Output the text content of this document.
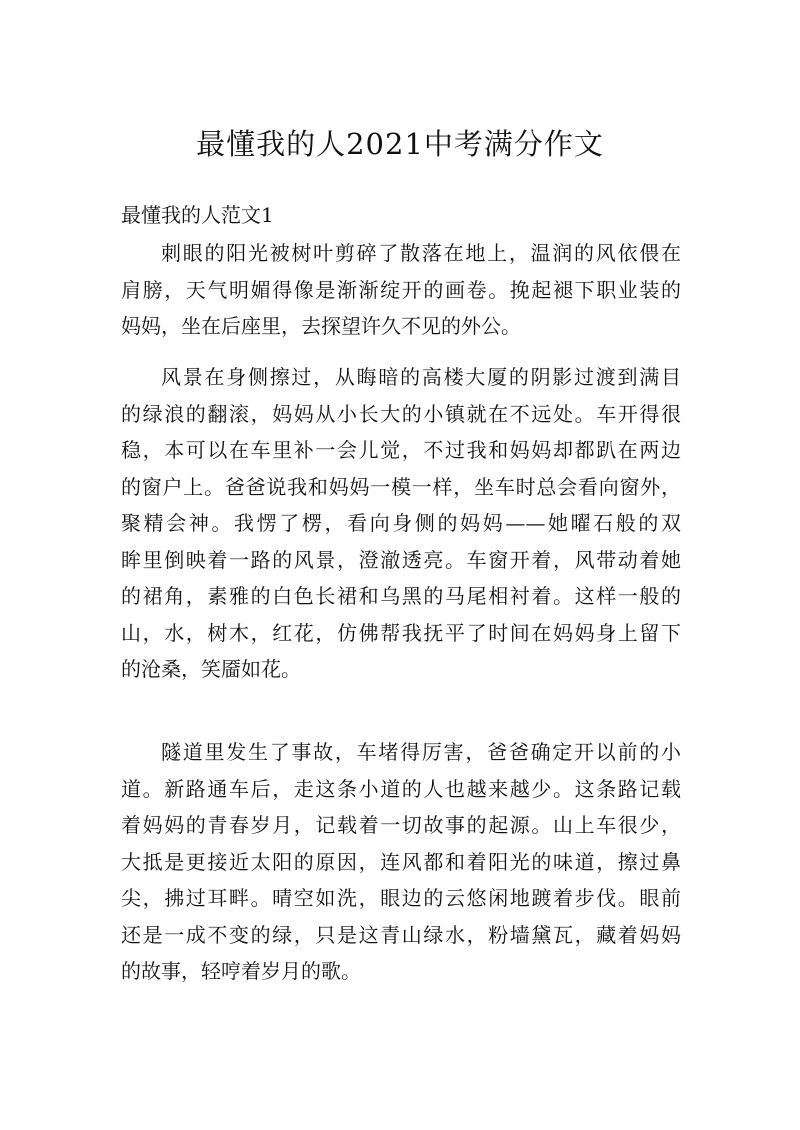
最懂我的人2021中考满分作文
最懂我的人范文1
刺眼的阳光被树叶剪碎了散落在地上，温润的风依偎在
肩膀，天气明媚得像是渐渐绽开的画卷。挽起褪下职业装的
妈妈，坐在后座里，去探望许久不见的外公。
风景在身侧擦过，从晦暗的高楼大厦的阴影过渡到满目
的绿浪的翻滚，妈妈从小长大的小镇就在不远处。车开得很
稳，本可以在车里补一会儿觉，不过我和妈妈却都趴在两边
的窗户上。爸爸说我和妈妈一模一样，坐车时总会看向窗外，
聚精会神。我愣了楞，看向身侧的妈妈——她曜石般的双
眸里倒映着一路的风景，澄澈透亮。车窗开着，风带动着她
的裙角，素雅的白色长裙和乌黑的马尾相衬着。这样一般的
山，水，树木，红花，仿佛帮我抚平了时间在妈妈身上留下
的沧桑，笑靥如花。
隧道里发生了事故，车堵得厉害，爸爸确定开以前的小
道。新路通车后，走这条小道的人也越来越少。这条路记载
着妈妈的青春岁月，记载着一切故事的起源。山上车很少，
大抵是更接近太阳的原因，连风都和着阳光的味道，擦过鼻
尖，拂过耳畔。晴空如洗，眼边的云悠闲地踱着步伐。眼前
还是一成不变的绿，只是这青山绿水，粉墙黛瓦，藏着妈妈
的故事，轻哼着岁月的歌。
